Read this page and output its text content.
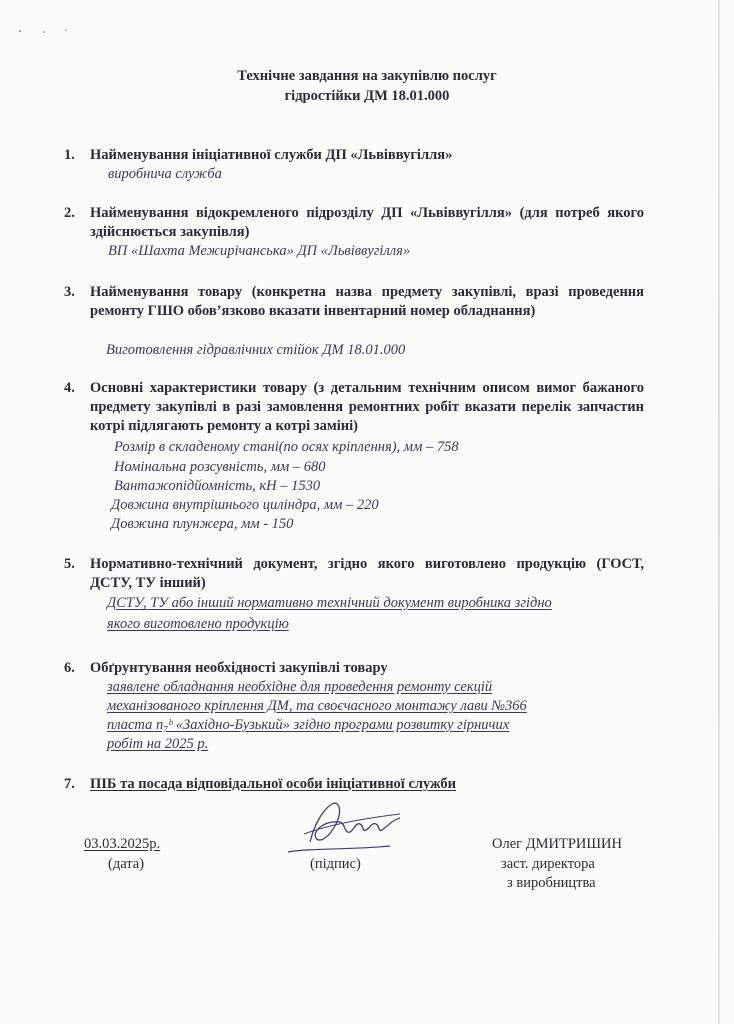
Технічне завдання на закупівлю послуг
гідростійки ДМ 18.01.000
1. Найменування ініціативної служби ДП «Львіввугілля»
виробнича служба
2. Найменування відокремленого підрозділу ДП «Львіввугілля» (для потреб якого здійснюється закупівля)
ВП «Шахта Межирічанська» ДП «Львіввугілля»
3. Найменування товару (конкретна назва предмету закупівлі, вразі проведення ремонту ГШО обов’язково вказати інвентарний номер обладнання)
Виготовлення гідравлічних стійок ДМ 18.01.000
4. Основні характеристики товару (з детальним технічним описом вимог бажаного предмету закупівлі в разі замовлення ремонтних робіт вказати перелік запчастин котрі підлягають ремонту а котрі заміні)
Розмір в складеному стані(по осях кріплення), мм – 758
Номінальна розсувність, мм – 680
Вантажопідйомність, кН – 1530
Довжина внутрішнього циліндра, мм – 220
Довжина плунжера, мм - 150
5. Нормативно-технічний документ, згідно якого виготовлено продукцію (ГОСТ, ДСТУ, ТУ інший)
ДСТУ, ТУ або інший нормативно технічний документ виробника згідно
якого виготовлено продукцію
6. Обґрунтування необхідності закупівлі товару
заявлене обладнання необхідне для проведення ремонту секцій
механізованого кріплення ДМ, та своєчасного монтажу лави №366
пласта n₇ᵇ «Західно-Бузький» згідно програми розвитку гірничих
робіт на 2025 р.
7. ПІБ та посада відповідальної особи ініціативної служби
03.03.2025р.
(дата)	(підпис)
Олег ДМИТРИШИН
заст. директора
з виробництва
